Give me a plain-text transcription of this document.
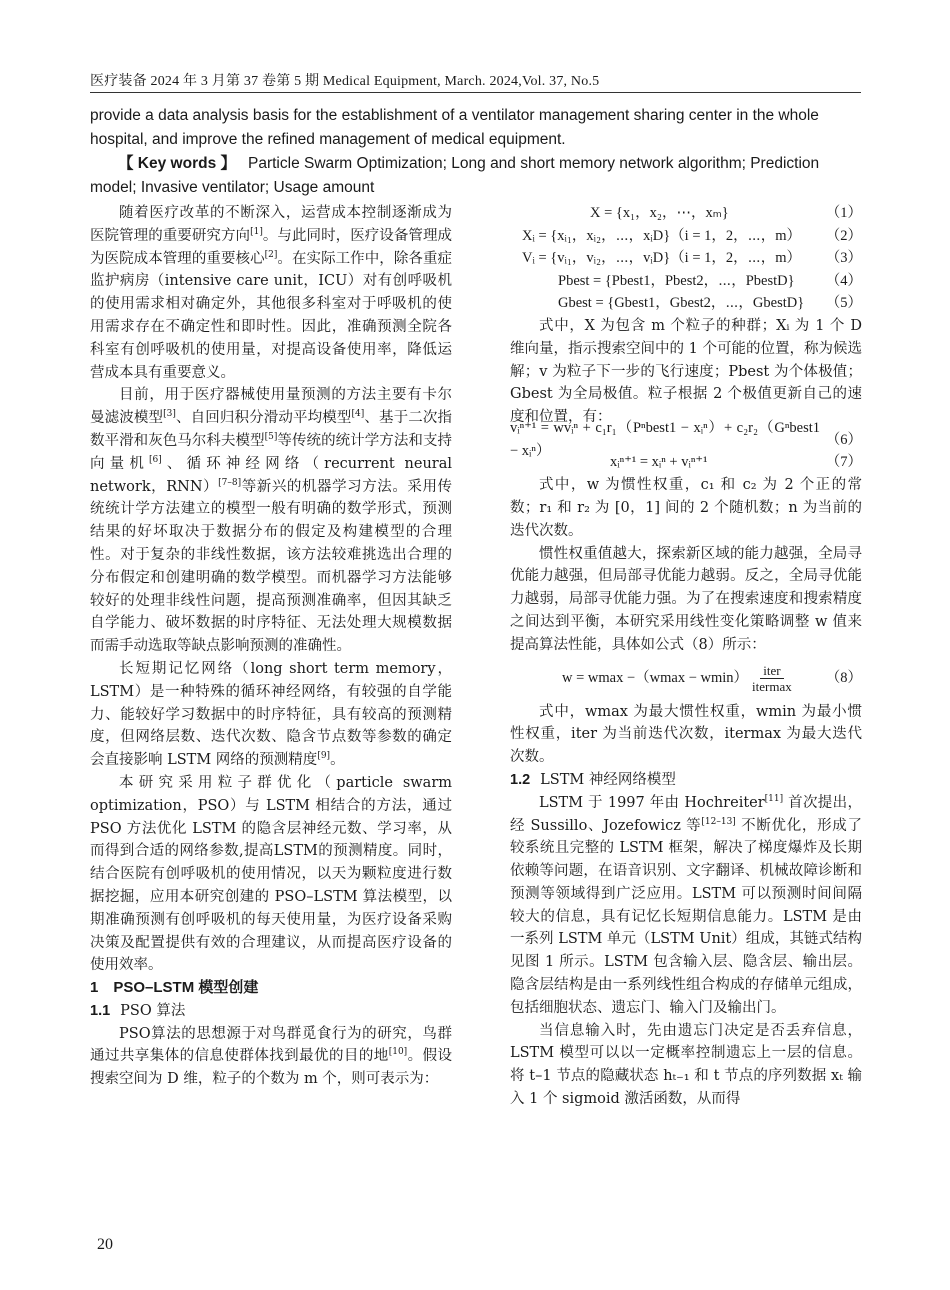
医疗装备 2024 年 3 月第 37 卷第 5 期 Medical Equipment, March. 2024,Vol. 37, No.5

provide a data analysis basis for the establishment of a ventilator management sharing center in the whole hospital, and improve the refined management of medical equipment.

【 Key words 】 Particle Swarm Optimization; Long and short memory network algorithm; Prediction model; Invasive ventilator; Usage amount

随着医疗改革的不断深入，运营成本控制逐渐成为医院管理的重要研究方向[1]。与此同时，医疗设备管理成为医院成本管理的重要核心[2]。在实际工作中，除各重症监护病房（intensive care unit，ICU）对有创呼吸机的使用需求相对确定外，其他很多科室对于呼吸机的使用需求存在不确定性和即时性。因此，准确预测全院各科室有创呼吸机的使用量，对提高设备使用率，降低运营成本具有重要意义。

目前，用于医疗器械使用量预测的方法主要有卡尔曼滤波模型[3]、自回归积分滑动平均模型[4]、基于二次指数平滑和灰色马尔科夫模型[5]等传统的统计学方法和支持向量机[6]、循环神经网络（recurrent neural network，RNN）[7–8]等新兴的机器学习方法。采用传统统计学方法建立的模型一般有明确的数学形式，预测结果的好坏取决于数据分布的假定及构建模型的合理性。对于复杂的非线性数据，该方法较难挑选出合理的分布假定和创建明确的数学模型。而机器学习方法能够较好的处理非线性问题，提高预测准确率，但因其缺乏自学能力、破坏数据的时序特征、无法处理大规模数据而需手动选取等缺点影响预测的准确性。

长短期记忆网络（long short term memory，LSTM）是一种特殊的循环神经网络，有较强的自学能力、能较好学习数据中的时序特征，具有较高的预测精度，但网络层数、迭代次数、隐含节点数等参数的确定会直接影响 LSTM 网络的预测精度[9]。

本研究采用粒子群优化（particle swarm optimization，PSO）与 LSTM 相结合的方法，通过 PSO 方法优化 LSTM 的隐含层神经元数、学习率，从而得到合适的网络参数,提高LSTM的预测精度。同时，结合医院有创呼吸机的使用情况，以天为颗粒度进行数据挖掘，应用本研究创建的 PSO–LSTM 算法模型，以期准确预测有创呼吸机的每天使用量，为医疗设备采购决策及配置提供有效的合理建议，从而提高医疗设备的使用效率。

1　PSO–LSTM 模型创建

1.1 PSO 算法

PSO算法的思想源于对鸟群觅食行为的研究，鸟群通过共享集体的信息使群体找到最优的目的地[10]。假设搜索空间为 D 维，粒子的个数为 m 个，则可表示为：

X = {x₁，x₂，⋯，xₘ}	（1）
Xᵢ = {xᵢ₁，xᵢ₂，⋯，xᵢD}（i = 1，2，⋯，m）	（2）
Vᵢ = {vᵢ₁，vᵢ₂，⋯，vᵢD}（i = 1，2，⋯，m）	（3）
Pbest = {Pbest1，Pbest2，⋯，PbestD}	（4）
Gbest = {Gbest1，Gbest2，⋯，GbestD}	（5）

式中，X 为包含 m 个粒子的种群；Xᵢ 为 1 个 D 维向量，指示搜索空间中的 1 个可能的位置，称为候选解；v 为粒子下一步的飞行速度；Pbest 为个体极值；Gbest 为全局极值。粒子根据 2 个极值更新自己的速度和位置，有：

vᵢⁿ⁺¹ = wvᵢⁿ + c₁r₁（Pⁿbest1 − xᵢⁿ）+ c₂r₂（Gⁿbest1 − xᵢⁿ）
（6）
xᵢⁿ⁺¹ = xᵢⁿ + vᵢⁿ⁺¹	（7）

式中，w 为惯性权重，c₁ 和 c₂ 为 2 个正的常数；r₁ 和 r₂ 为 [0，1] 间的 2 个随机数；n 为当前的迭代次数。

惯性权重值越大，探索新区域的能力越强，全局寻优能力越强，但局部寻优能力越弱。反之，全局寻优能力越弱，局部寻优能力强。为了在搜索速度和搜索精度之间达到平衡，本研究采用线性变化策略调整 w 值来提高算法性能，具体如公式（8）所示：

$w = wmax -(wmax - wmin) \frac{\text{iter}}{\text{itermax}}$	（8）

式中，wmax 为最大惯性权重，wmin 为最小惯性权重，iter 为当前迭代次数，itermax 为最大迭代次数。

1.2 LSTM 神经网络模型

LSTM 于 1997 年由 Hochreiter[11] 首次提出，经 Sussillo、Jozefowicz 等[12–13] 不断优化，形成了较系统且完整的 LSTM 框架，解决了梯度爆炸及长期依赖等问题，在语音识别、文字翻译、机械故障诊断和预测等领域得到广泛应用。LSTM 可以预测时间间隔较大的信息，具有记忆长短期信息能力。LSTM 是由一系列 LSTM 单元（LSTM Unit）组成，其链式结构见图 1 所示。LSTM 包含输入层、隐含层、输出层。隐含层结构是由一系列线性组合构成的存储单元组成，包括细胞状态、遗忘门、输入门及输出门。

当信息输入时，先由遗忘门决定是否丢弃信息，LSTM 模型可以以一定概率控制遗忘上一层的信息。将 t–1 节点的隐藏状态 hₜ₋₁ 和 t 节点的序列数据 xₜ 输入 1 个 sigmoid 激活函数，从而得

20
